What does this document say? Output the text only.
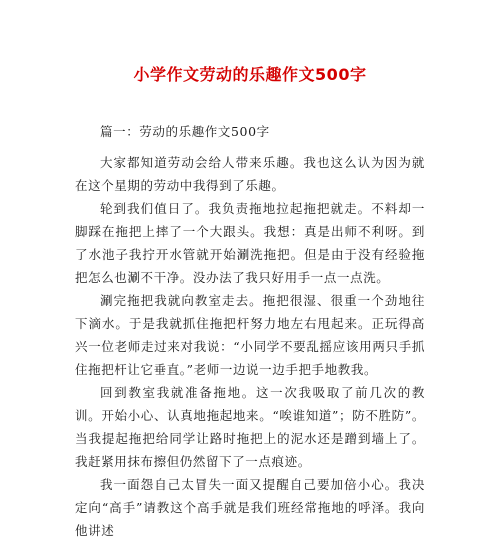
小学作文劳动的乐趣作文500字

篇一：劳动的乐趣作文500字

大家都知道劳动会给人带来乐趣。我也这么认为因为就在这个星期的劳动中我得到了乐趣。

轮到我们值日了。我负责拖地拉起拖把就走。不料却一脚踩在拖把上摔了一个大跟头。我想：真是出师不利呀。到了水池子我拧开水管就开始涮洗拖把。但是由于没有经验拖把怎么也涮不干净。没办法了我只好用手一点一点洗。

涮完拖把我就向教室走去。拖把很湿、很重一个劲地往下滴水。于是我就抓住拖把杆努力地左右甩起来。正玩得高兴一位老师走过来对我说：“小同学不要乱摇应该用两只手抓住拖把杆让它垂直。”老师一边说一边手把手地教我。

回到教室我就准备拖地。这一次我吸取了前几次的教训。开始小心、认真地拖起地来。“唉谁知道”；防不胜防”。当我提起拖把给同学让路时拖把上的泥水还是蹭到墙上了。我赶紧用抹布擦但仍然留下了一点痕迹。

我一面怨自己太冒失一面又提醒自己要加倍小心。我决定向“高手”请教这个高手就是我们班经常拖地的呼泽。我向他讲述
